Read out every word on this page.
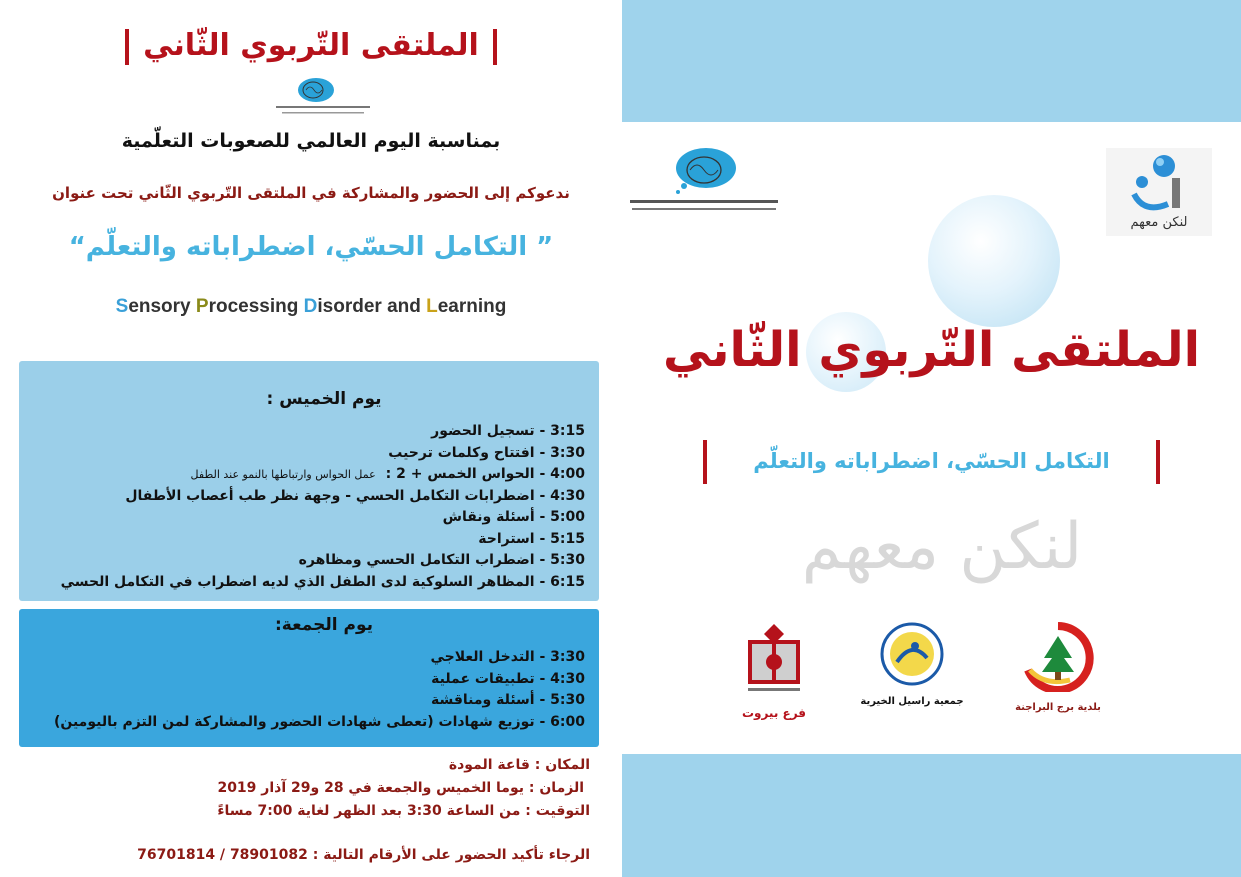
الملتقى التّربوي الثّاني
بمناسبة اليوم العالمي للصعوبات التعلّمية
ندعوكم إلى الحضور والمشاركة في الملتقى التّربوي الثّاني تحت عنوان
” التكامل الحسّي، اضطراباته والتعلّم“
Sensory Processing Disorder and Learning
يوم الخميس :
3:15 - تسجيل الحضور
3:30 - افتتاح وكلمات ترحيب
4:00 - الحواس الخمس + 2 :عمل الحواس وارتباطها بالنمو عند الطفل
4:30 - اضطرابات التكامل الحسي - وجهة نظر طب أعصاب الأطفال
5:00 - أسئلة ونقاش
5:15 - استراحة
5:30 - اضطراب التكامل الحسي ومظاهره
6:15 - المظاهر السلوكية لدى الطفل الذي لديه اضطراب في التكامل الحسي
يوم الجمعة:
3:30 - التدخل العلاجي
4:30 - تطبيقات عملية
5:30 - أسئلة ومناقشة
6:00 - توزيع شهادات (تعطى شهادات الحضور والمشاركة لمن التزم باليومين)
المكان : قاعة المودة
الزمان : يوما الخميس والجمعة في 28 و29 آذار 2019
التوقيت : من الساعة 3:30 بعد الظهر لغاية 7:00 مساءً
الرجاء تأكيد الحضور على الأرقام التالية : 78901082 / 76701814
لنكن معهم
لنكن معهم
الملتقى التّربوي الثّاني
التكامل الحسّي، اضطراباته والتعلّم
فرع بيروت
جمعية راسيل الخيرية
بلدية برج البراجنة
